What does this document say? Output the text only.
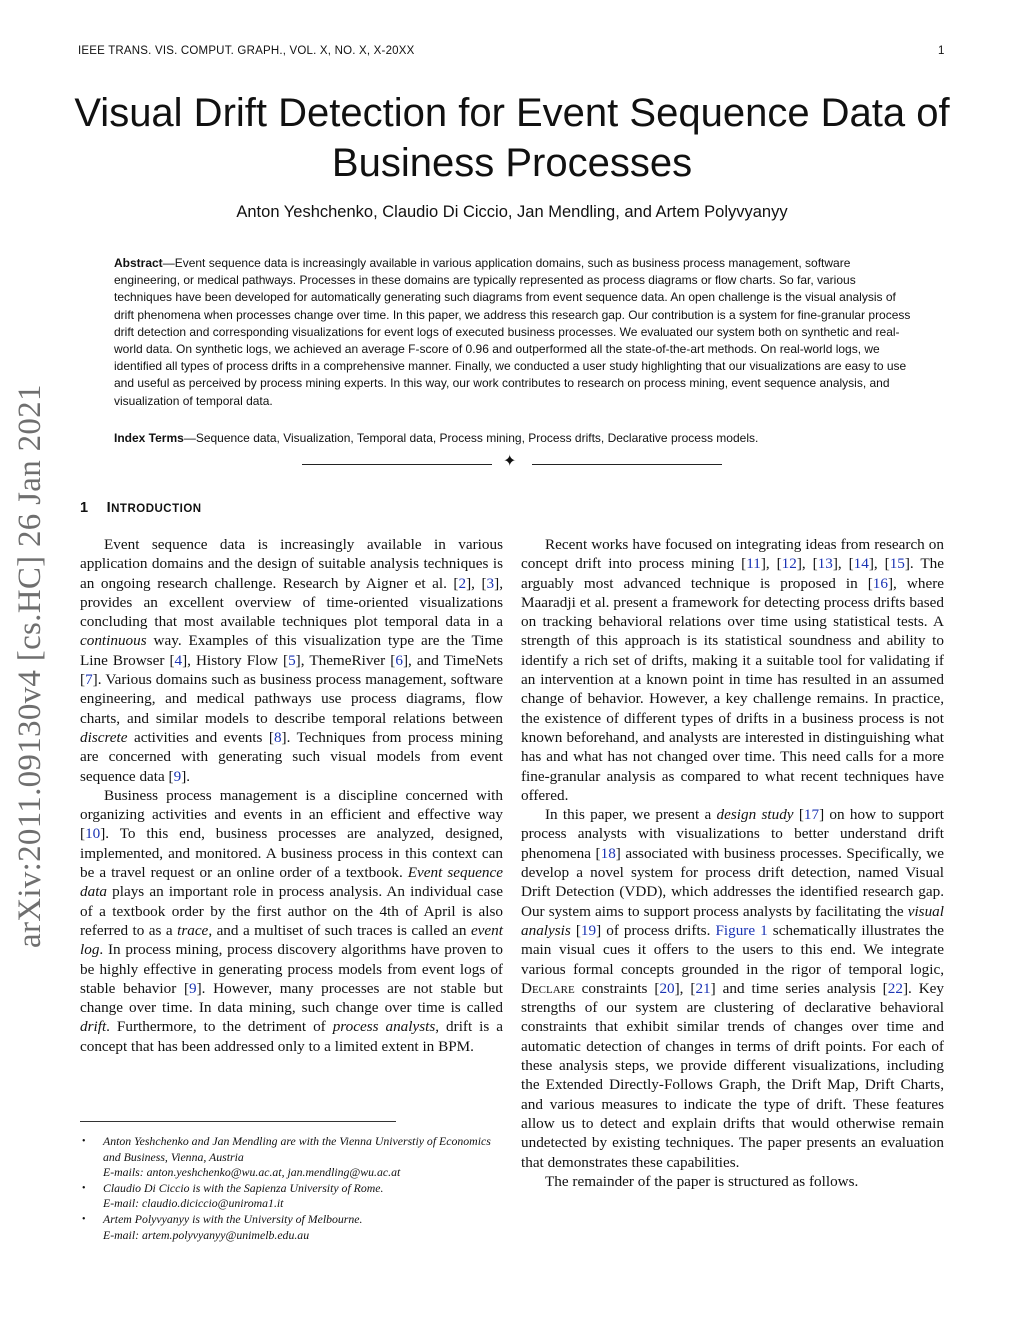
IEEE TRANS. VIS. COMPUT. GRAPH., VOL. X, NO. X, X-20XX	1
arXiv:2011.09130v4 [cs.HC] 26 Jan 2021
Visual Drift Detection for Event Sequence Data of Business Processes
Anton Yeshchenko, Claudio Di Ciccio, Jan Mendling, and Artem Polyvyanyy

Abstract—Event sequence data is increasingly available in various application domains, such as business process management, software engineering, or medical pathways. Processes in these domains are typically represented as process diagrams or flow charts. So far, various techniques have been developed for automatically generating such diagrams from event sequence data. An open challenge is the visual analysis of drift phenomena when processes change over time. In this paper, we address this research gap. Our contribution is a system for fine-granular process drift detection and corresponding visualizations for event logs of executed business processes. We evaluated our system both on synthetic and real-world data. On synthetic logs, we achieved an average F-score of 0.96 and outperformed all the state-of-the-art methods. On real-world logs, we identified all types of process drifts in a comprehensive manner. Finally, we conducted a user study highlighting that our visualizations are easy to use and useful as perceived by process mining experts. In this way, our work contributes to research on process mining, event sequence analysis, and visualization of temporal data.

Index Terms—Sequence data, Visualization, Temporal data, Process mining, Process drifts, Declarative process models.

✦
1 INTRODUCTION

Event sequence data is increasingly available in various application domains and the design of suitable analysis techniques is an ongoing research challenge. Research by Aigner et al. [2], [3], provides an excellent overview of time-oriented visualizations concluding that most available techniques plot temporal data in a continuous way. Examples of this visualization type are the Time Line Browser [4], History Flow [5], ThemeRiver [6], and TimeNets [7]. Various domains such as business process management, software engineering, and medical pathways use process diagrams, flow charts, and similar models to describe temporal relations between discrete activities and events [8]. Techniques from process mining are concerned with generating such visual models from event sequence data [9].

Business process management is a discipline concerned with organizing activities and events in an efficient and effective way [10]. To this end, business processes are analyzed, designed, implemented, and monitored. A business process in this context can be a travel request or an online order of a textbook. Event sequence data plays an important role in process analysis. An individual case of a textbook order by the first author on the 4th of April is also referred to as a trace, and a multiset of such traces is called an event log. In process mining, process discovery algorithms have proven to be highly effective in generating process models from event logs of stable behavior [9]. However, many processes are not stable but change over time. In data mining, such change over time is called drift. Furthermore, to the detriment of process analysts, drift is a concept that has been addressed only to a limited extent in BPM.

Recent works have focused on integrating ideas from research on concept drift into process mining [11], [12], [13], [14], [15]. The arguably most advanced technique is proposed in [16], where Maaradji et al. present a framework for detecting process drifts based on tracking behavioral relations over time using statistical tests. A strength of this approach is its statistical soundness and ability to identify a rich set of drifts, making it a suitable tool for validating if an intervention at a known point in time has resulted in an assumed change of behavior. However, a key challenge remains. In practice, the existence of different types of drifts in a business process is not known beforehand, and analysts are interested in distinguishing what has and what has not changed over time. This need calls for a more fine-granular analysis as compared to what recent techniques have offered.

In this paper, we present a design study [17] on how to support process analysts with visualizations to better understand drift phenomena [18] associated with business processes. Specifically, we develop a novel system for process drift detection, named Visual Drift Detection (VDD), which addresses the identified research gap. Our system aims to support process analysts by facilitating the visual analysis [19] of process drifts. Figure 1 schematically illustrates the main visual cues it offers to the users to this end. We integrate various formal concepts grounded in the rigor of temporal logic, Declare constraints [20], [21] and time series analysis [22]. Key strengths of our system are clustering of declarative behavioral constraints that exhibit similar trends of changes over time and automatic detection of changes in terms of drift points. For each of these analysis steps, we provide different visualizations, including the Extended Directly-Follows Graph, the Drift Map, Drift Charts, and various measures to indicate the type of drift. These features allow us to detect and explain drifts that would otherwise remain undetected by existing techniques. The paper presents an evaluation that demonstrates these capabilities.

The remainder of the paper is structured as follows.

• Anton Yeshchenko and Jan Mendling are with the Vienna Universtiy of Economics and Business, Vienna, Austria
E-mails: anton.yeshchenko@wu.ac.at, jan.mendling@wu.ac.at
• Claudio Di Ciccio is with the Sapienza University of Rome.
E-mail: claudio.diciccio@uniroma1.it
• Artem Polyvyanyy is with the University of Melbourne.
E-mail: artem.polyvyanyy@unimelb.edu.au
